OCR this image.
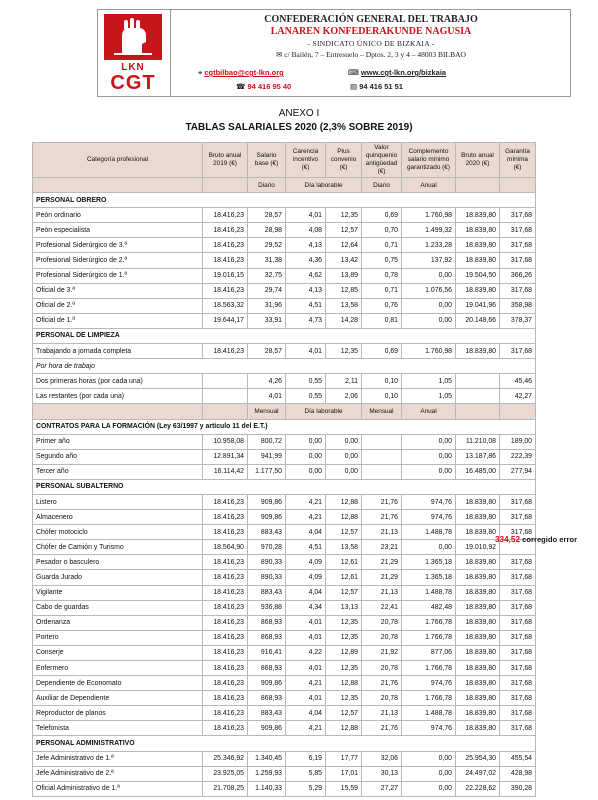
LKN
CGT
CONFEDERACIÓN GENERAL DEL TRABAJO
LANAREN KONFEDERAKUNDE NAGUSIA
- SINDICATO ÚNICO DE BIZKAIA -
✉ c/ Bailén, 7 – Entresuelo – Dptos. 2, 3 y 4 – 48003 BILBAO
⌖ cgtbilbao@cgt-lkn.org	⌨ www.cgt-lkn.org/bizkaia
☎ 94 416 95 40	▤ 94 416 51 51
ANEXO I
TABLAS SALARIALES 2020 (2,3% SOBRE 2019)
Categoría profesional	Bruto anual 2019 (€)	Salario base (€)	Carencia incentivo (€)	Plus convenio (€)	Valor quinquenio antigüedad (€)	Complemento salario mínimo garantizado (€)	Bruto anual 2020 (€)	Garantía mínima (€)
		Diario	Día laborable		Diario	Anual		
PERSONAL OBRERO								
Peón ordinario	18.416,23	28,57	4,01	12,35	0,69	1.760,98	18.839,80	317,68
Peón especialista	18.416,23	28,98	4,08	12,57	0,70	1.499,32	18.839,80	317,68
Profesional Siderúrgico de 3.ª	18.416,23	29,52	4,13	12,64	0,71	1.233,28	18.839,80	317,68
Profesional Siderúrgico de 2.ª	18.416,23	31,38	4,36	13,42	0,75	137,92	18.839,80	317,68
Profesional Siderúrgico de 1.ª	19.016,15	32,75	4,62	13,89	0,78	0,00	19.504,50	366,26
Oficial de 3.ª	18.416,23	29,74	4,13	12,85	0,71	1.076,56	18.839,80	317,68
Oficial de 2.ª	18.563,32	31,96	4,51	13,58	0,76	0,00	19.041,96	358,98
Oficial de 1.ª	19.644,17	33,91	4,73	14,28	0,81	0,00	20.148,66	378,37
PERSONAL DE LIMPIEZA								
Trabajando a jornada completa	18.416,23	28,57	4,01	12,35	0,69	1.760,98	18.839,80	317,68
Por hora de trabajo								
Dos primeras horas (por cada una)		4,26	0,55	2,11	0,10	1,05		45,46
Las restantes (por cada una)		4,01	0,55	2,06	0,10	1,05		42,27
		Mensual	Día laborable		Mensual	Anual		
CONTRATOS PARA LA FORMACIÓN (Ley 63/1997 y artículo 11 del E.T.)								
Primer año	10.958,08	800,72	0,00	0,00		0,00	11.210,08	189,00
Segundo año	12.891,34	941,99	0,00	0,00		0,00	13.187,86	222,39
Tercer año	16.114,42	1.177,50	0,00	0,00		0,00	16.485,00	277,94
PERSONAL SUBALTERNO								
Listero	18.416,23	909,86	4,21	12,88	21,76	974,76	18.839,80	317,68
Almacenero	18.416,23	909,86	4,21	12,88	21,76	974,76	18.839,80	317,68
Chófer motociclo	18.416,23	883,43	4,04	12,57	21,13	1.488,78	18.839,80	317,68
Chófer de Camión y Turismo	18.564,90	970,28	4,51	13,58	23,21	0,00	19.010,92	
Pesador o basculero	18.416,23	890,33	4,09	12,61	21,29	1.365,18	18.839,80	317,68
Guarda Jurado	18.416,23	890,33	4,09	12,61	21,29	1.365,18	18.839,80	317,68
Vigilante	18.416,23	883,43	4,04	12,57	21,13	1.488,78	18.839,80	317,68
Cabo de guardas	18.416,23	936,88	4,34	13,13	22,41	482,48	18.839,80	317,68
Ordenanza	18.416,23	868,93	4,01	12,35	20,78	1.766,78	18.839,80	317,68
Portero	18.416,23	868,93	4,01	12,35	20,78	1.766,78	18.839,80	317,68
Conserje	18.416,23	916,41	4,22	12,89	21,92	877,06	18.839,80	317,68
Enfermero	18.416,23	868,93	4,01	12,35	20,78	1.766,78	18.839,80	317,68
Dependiente de Economato	18.416,23	909,86	4,21	12,88	21,76	974,76	18.839,80	317,68
Auxiliar de Dependiente	18.416,23	868,93	4,01	12,35	20,78	1.766,78	18.839,80	317,68
Reproductor de planos	18.416,23	883,43	4,04	12,57	21,13	1.488,78	18.839,80	317,68
Telefonista	18.416,23	909,86	4,21	12,88	21,76	974,76	18.839,80	317,68
PERSONAL ADMINISTRATIVO								
Jefe Administrativo de 1.ª	25.346,92	1.340,45	6,19	17,77	32,06	0,00	25.954,30	455,54
Jefe Administrativo de 2.ª	23.925,05	1.259,93	5,85	17,01	30,13	0,00	24.497,02	428,98
Oficial Administrativo de 1.ª	21.708,25	1.140,33	5,29	15,59	27,27	0,00	22.228,62	390,28
334,52 corregido error
